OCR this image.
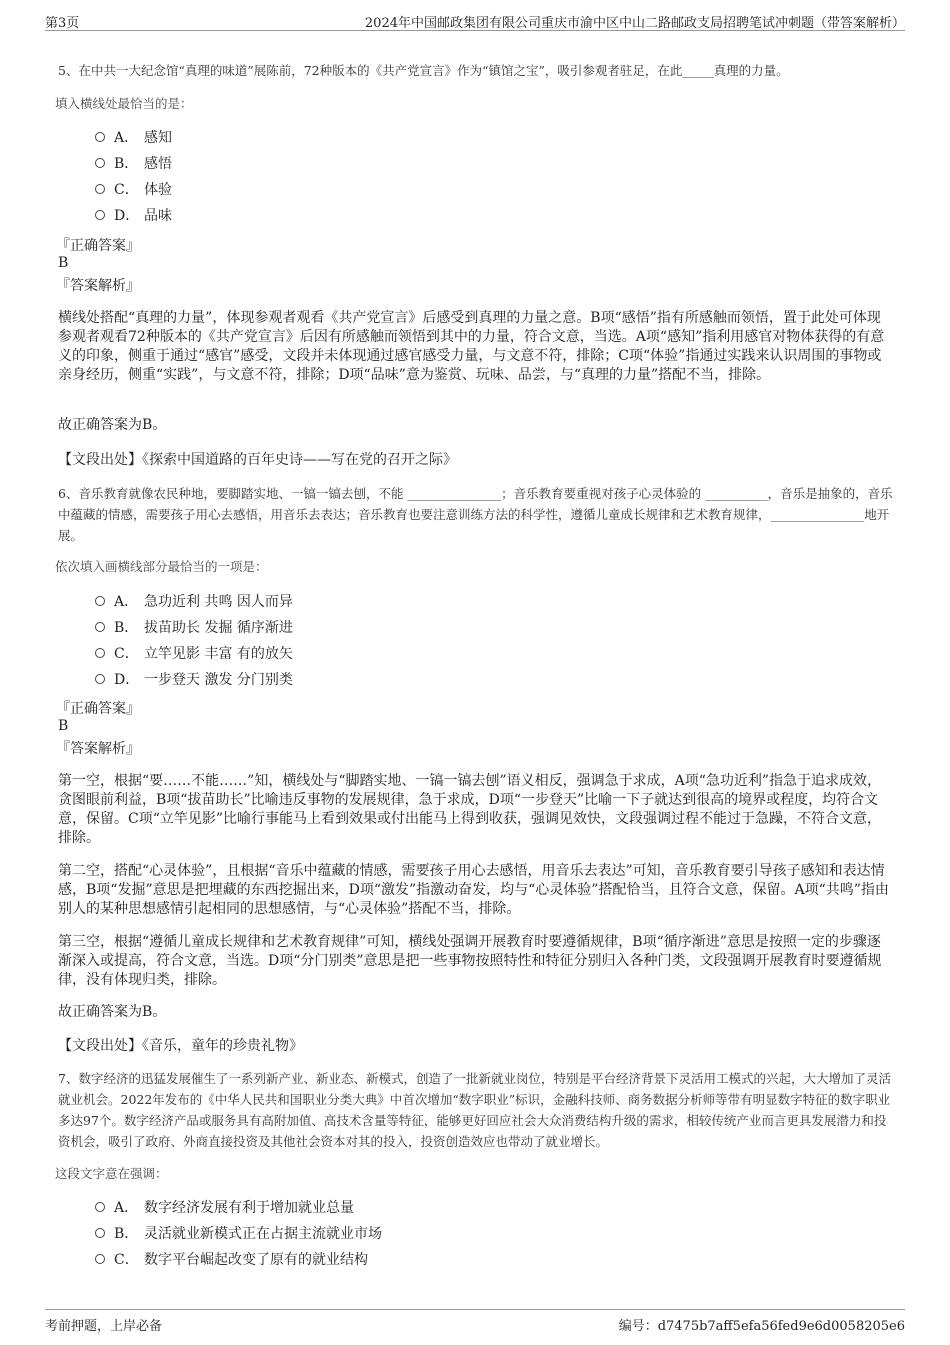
第3页	2024年中国邮政集团有限公司重庆市渝中区中山二路邮政支局招聘笔试冲刺题（带答案解析）
5、在中共一大纪念馆“真理的味道”展陈前，72种版本的《共产党宣言》作为“镇馆之宝”，吸引参观者驻足，在此_____真理的力量。
填入横线处最恰当的是：
A． 感知
B． 感悟
C． 体验
D． 品味
『正确答案』
B
『答案解析』
横线处搭配“真理的力量”，体现参观者观看《共产党宣言》后感受到真理的力量之意。B项“感悟”指有所感触而领悟，置于此处可体现参观者观看72种版本的《共产党宣言》后因有所感触而领悟到其中的力量，符合文意，当选。A项“感知”指利用感官对物体获得的有意义的印象，侧重于通过“感官”感受，文段并未体现通过感官感受力量，与文意不符，排除；C项“体验”指通过实践来认识周围的事物或亲身经历，侧重“实践”，与文意不符，排除；D项“品味”意为鉴赏、玩味、品尝，与“真理的力量”搭配不当，排除。
故正确答案为B。
【文段出处】《探索中国道路的百年史诗——写在党的召开之际》
6、音乐教育就像农民种地，要脚踏实地、一镐一镐去刨，不能 _______________；音乐教育要重视对孩子心灵体验的 __________，音乐是抽象的，音乐中蕴藏的情感，需要孩子用心去感悟，用音乐去表达；音乐教育也要注意训练方法的科学性，遵循儿童成长规律和艺术教育规律，_______________地开展。
依次填入画横线部分最恰当的一项是：
A． 急功近利 共鸣 因人而异
B． 拔苗助长 发掘 循序渐进
C． 立竿见影 丰富 有的放矢
D． 一步登天 激发 分门别类
『正确答案』
B
『答案解析』
第一空，根据“要……不能……”知，横线处与“脚踏实地、一镐一镐去刨”语义相反，强调急于求成，A项“急功近利”指急于追求成效，贪图眼前利益，B项“拔苗助长”比喻违反事物的发展规律，急于求成，D项“一步登天”比喻一下子就达到很高的境界或程度，均符合文意，保留。C项“立竿见影”比喻行事能马上看到效果或付出能马上得到收获，强调见效快，文段强调过程不能过于急躁，不符合文意，排除。
第二空，搭配“心灵体验”，且根据“音乐中蕴藏的情感，需要孩子用心去感悟，用音乐去表达”可知，音乐教育要引导孩子感知和表达情感，B项“发掘”意思是把埋藏的东西挖掘出来，D项“激发”指激动奋发，均与“心灵体验”搭配恰当，且符合文意，保留。A项“共鸣”指由别人的某种思想感情引起相同的思想感情，与“心灵体验”搭配不当，排除。
第三空，根据“遵循儿童成长规律和艺术教育规律”可知，横线处强调开展教育时要遵循规律，B项“循序渐进”意思是按照一定的步骤逐渐深入或提高，符合文意，当选。D项“分门别类”意思是把一些事物按照特性和特征分别归入各种门类，文段强调开展教育时要遵循规律，没有体现归类，排除。
故正确答案为B。
【文段出处】《音乐，童年的珍贵礼物》
7、数字经济的迅猛发展催生了一系列新产业、新业态、新模式，创造了一批新就业岗位，特别是平台经济背景下灵活用工模式的兴起，大大增加了灵活就业机会。2022年发布的《中华人民共和国职业分类大典》中首次增加“数字职业”标识，金融科技师、商务数据分析师等带有明显数字特征的数字职业多达97个。数字经济产品或服务具有高附加值、高技术含量等特征，能够更好回应社会大众消费结构升级的需求，相较传统产业而言更具发展潜力和投资机会，吸引了政府、外商直接投资及其他社会资本对其的投入，投资创造效应也带动了就业增长。
这段文字意在强调：
A． 数字经济发展有利于增加就业总量
B． 灵活就业新模式正在占据主流就业市场
C． 数字平台崛起改变了原有的就业结构
考前押题，上岸必备	编号：d7475b7aff5efa56fed9e6d0058205e6
